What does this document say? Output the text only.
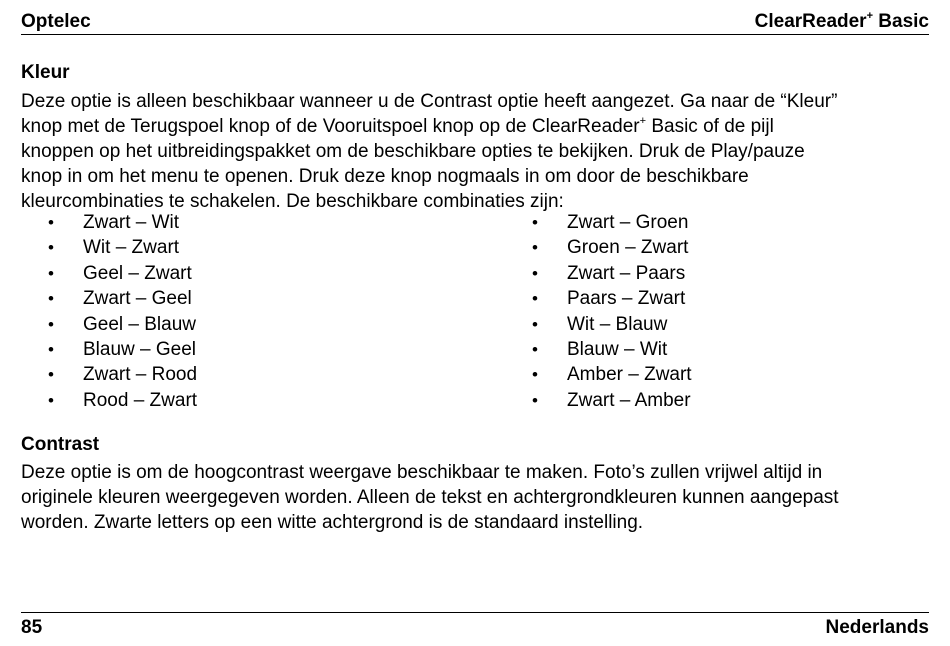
Optelec	ClearReader+ Basic
Kleur
Deze optie is alleen beschikbaar wanneer u de Contrast optie heeft aangezet. Ga naar de “Kleur”
knop met de Terugspoel knop of de Vooruitspoel knop op de ClearReader+ Basic of de pijl
knoppen op het uitbreidingspakket om de beschikbare opties te bekijken. Druk de Play/pauze
knop in om het menu te openen. Druk deze knop nogmaals in om door de beschikbare
kleurcombinaties te schakelen. De beschikbare combinaties zijn:
•	Zwart – Wit
•	Wit – Zwart
•	Geel – Zwart
•	Zwart – Geel
•	Geel – Blauw
•	Blauw – Geel
•	Zwart – Rood
•	Rood – Zwart
•	Zwart – Groen
•	Groen – Zwart
•	Zwart – Paars
•	Paars – Zwart
•	Wit – Blauw
•	Blauw – Wit
•	Amber – Zwart
•	Zwart – Amber
Contrast
Deze optie is om de hoogcontrast weergave beschikbaar te maken. Foto’s zullen vrijwel altijd in
originele kleuren weergegeven worden. Alleen de tekst en achtergrondkleuren kunnen aangepast
worden. Zwarte letters op een witte achtergrond is de standaard instelling.
85	Nederlands
